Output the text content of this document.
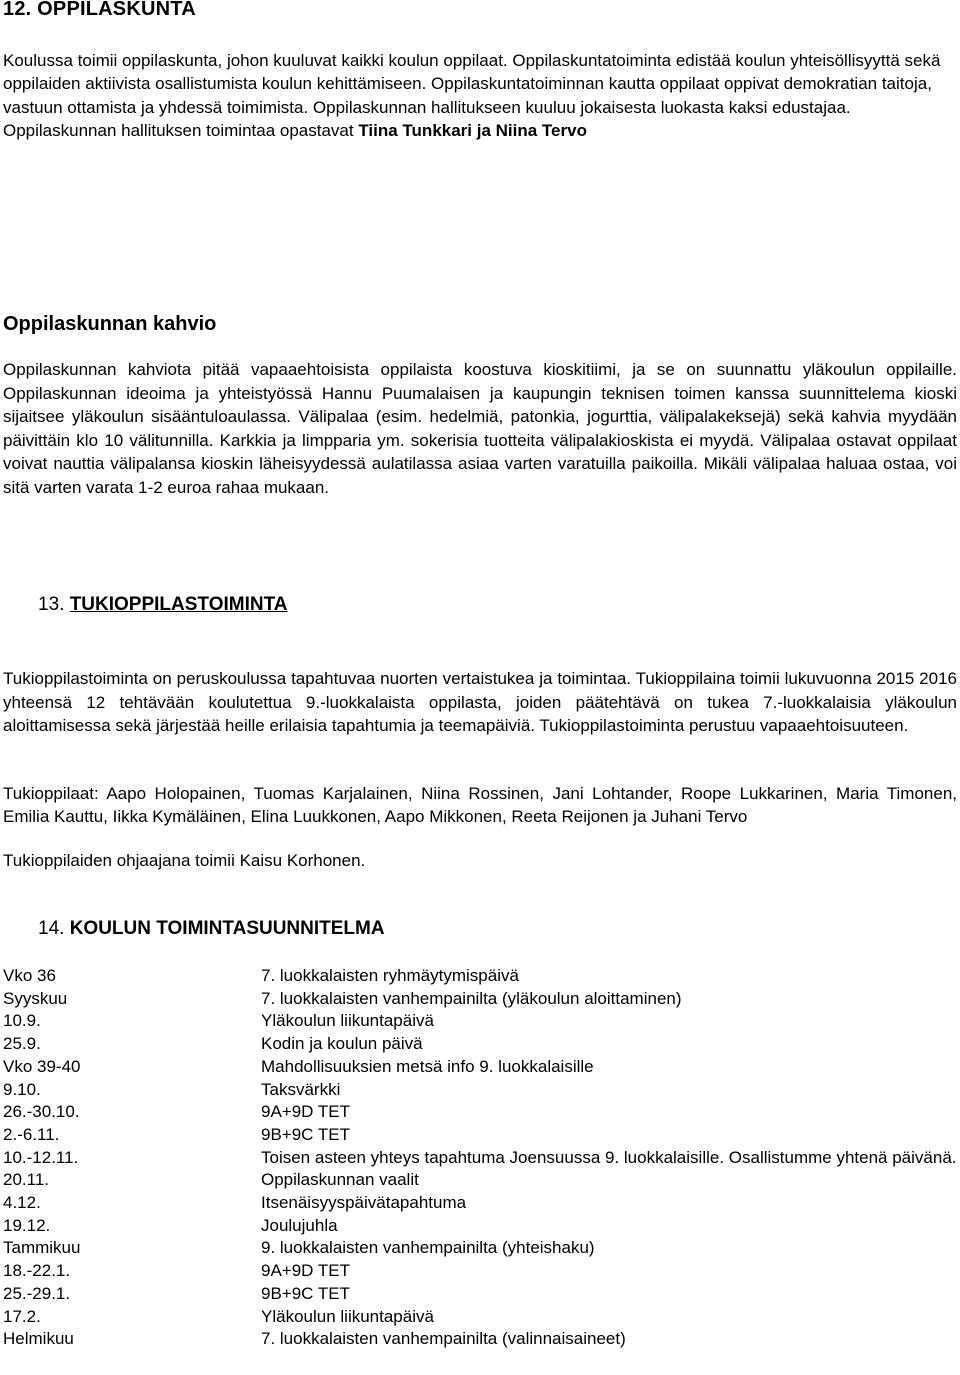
12. OPPILASKUNTA
Koulussa toimii oppilaskunta, johon kuuluvat kaikki koulun oppilaat. Oppilaskuntatoiminta edistää koulun yhteisöllisyyttä sekä oppilaiden aktiivista osallistumista koulun kehittämiseen. Oppilaskuntatoiminnan kautta oppilaat oppivat demokratian taitoja, vastuun ottamista ja yhdessä toimimista. Oppilaskunnan hallitukseen kuuluu jokaisesta luokasta kaksi edustajaa. Oppilaskunnan hallituksen toimintaa opastavat Tiina Tunkkari ja Niina Tervo
Oppilaskunnan kahvio
Oppilaskunnan kahviota pitää vapaaehtoisista oppilaista koostuva kioskitiimi, ja se on suunnattu yläkoulun oppilaille. Oppilaskunnan ideoima ja yhteistyössä Hannu Puumalaisen ja kaupungin teknisen toimen kanssa suunnittelema kioski sijaitsee yläkoulun sisääntuloaulassa. Välipalaa (esim. hedelmiä, patonkia, jogurttia, välipalakeksejä) sekä kahvia myydään päivittäin klo 10 välitunnilla. Karkkia ja limpparia ym. sokerisia tuotteita välipalakioskista ei myydä. Välipalaa ostavat oppilaat voivat nauttia välipalansa kioskin läheisyydessä aulatilassa asiaa varten varatuilla paikoilla. Mikäli välipalaa haluaa ostaa, voi sitä varten varata 1-2 euroa rahaa mukaan.
13. TUKIOPPILASTOIMINTA
Tukioppilastoiminta on peruskoulussa tapahtuvaa nuorten vertaistukea ja toimintaa. Tukioppilaina toimii lukuvuonna 2015 2016 yhteensä 12 tehtävään koulutettua 9.-luokkalaista oppilasta, joiden päätehtävä on tukea 7.-luokkalaisia yläkoulun aloittamisessa sekä järjestää heille erilaisia tapahtumia ja teemapäiviä. Tukioppilastoiminta perustuu vapaaehtoisuuteen.
Tukioppilaat: Aapo Holopainen, Tuomas Karjalainen, Niina Rossinen, Jani Lohtander, Roope Lukkarinen, Maria Timonen, Emilia Kauttu, Iikka Kymäläinen, Elina Luukkonen, Aapo Mikkonen, Reeta Reijonen ja Juhani Tervo
Tukioppilaiden ohjaajana toimii Kaisu Korhonen.
14. KOULUN TOIMINTASUUNNITELMA
Vko 36	7. luokkalaisten ryhmäytymispäivä
Syyskuu	7. luokkalaisten vanhempainilta (yläkoulun aloittaminen)
10.9.	Yläkoulun liikuntapäivä
25.9.	Kodin ja koulun päivä
Vko 39-40	Mahdollisuuksien metsä info 9. luokkalaisille
9.10.	Taksvärkki
26.-30.10.	9A+9D TET
2.-6.11.	9B+9C TET
10.-12.11.	Toisen asteen yhteys tapahtuma Joensuussa 9. luokkalaisille. Osallistumme yhtenä päivänä.
20.11.	Oppilaskunnan vaalit
4.12.	Itsenäisyyspäivätapahtuma
19.12.	Joulujuhla
Tammikuu	9. luokkalaisten vanhempainilta (yhteishaku)
18.-22.1.	9A+9D TET
25.-29.1.	9B+9C TET
17.2.	Yläkoulun liikuntapäivä
Helmikuu	7. luokkalaisten vanhempainilta (valinnaisaineet)
